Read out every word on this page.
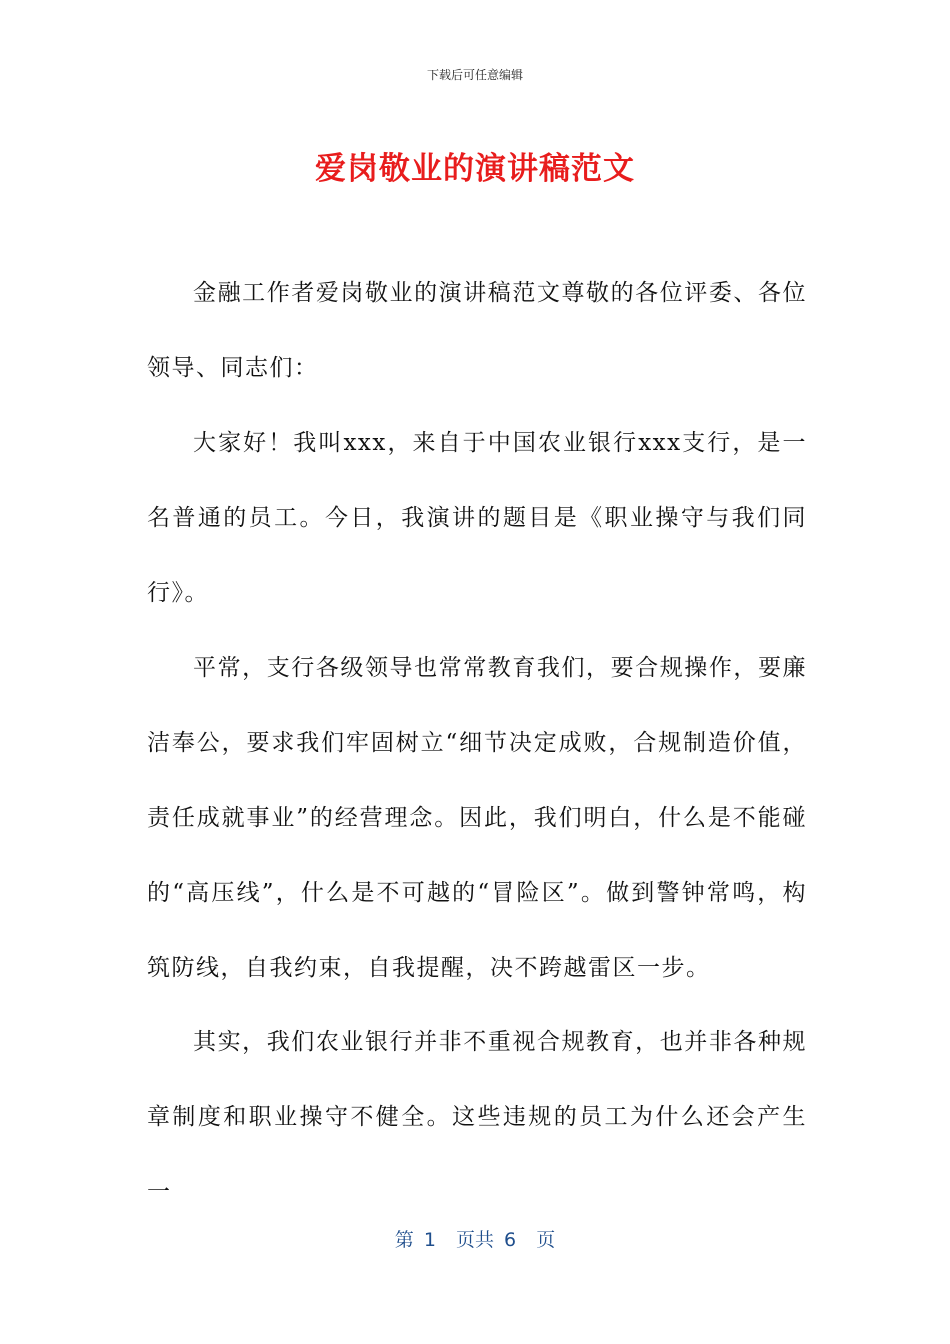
下载后可任意编辑
爱岗敬业的演讲稿范文

金融工作者爱岗敬业的演讲稿范文尊敬的各位评委、各位领导、同志们：

大家好！我叫xxx，来自于中国农业银行xxx支行，是一名普通的员工。今日，我演讲的题目是《职业操守与我们同行》。

平常，支行各级领导也常常教育我们，要合规操作，要廉洁奉公，要求我们牢固树立“细节决定成败，合规制造价值，责任成就事业”的经营理念。因此，我们明白，什么是不能碰的“高压线”，什么是不可越的“冒险区”。做到警钟常鸣，构筑防线，自我约束，自我提醒，决不跨越雷区一步。

其实，我们农业银行并非不重视合规教育，也并非各种规章制度和职业操守不健全。这些违规的员工为什么还会产生一

第 1  页共 6  页
